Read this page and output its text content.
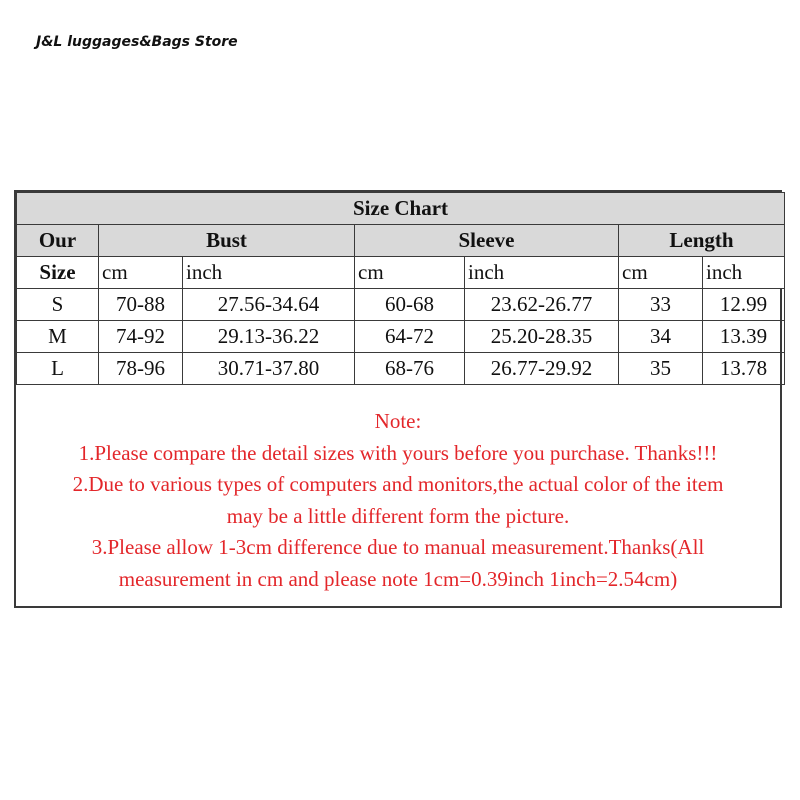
J&L luggages&Bags Store
Size Chart						
Our	Bust		Sleeve		Length	
Size	cm	inch	cm	inch	cm	inch
S	70-88	27.56-34.64	60-68	23.62-26.77	33	12.99
M	74-92	29.13-36.22	64-72	25.20-28.35	34	13.39
L	78-96	30.71-37.80	68-76	26.77-29.92	35	13.78
Note:
1.Please compare the detail sizes with yours before you purchase. Thanks!!!
2.Due to various types of computers and monitors,the actual color of the item
may be a little different form the picture.
3.Please allow 1-3cm difference due to manual measurement.Thanks(All
measurement in cm and please note 1cm=0.39inch 1inch=2.54cm)
